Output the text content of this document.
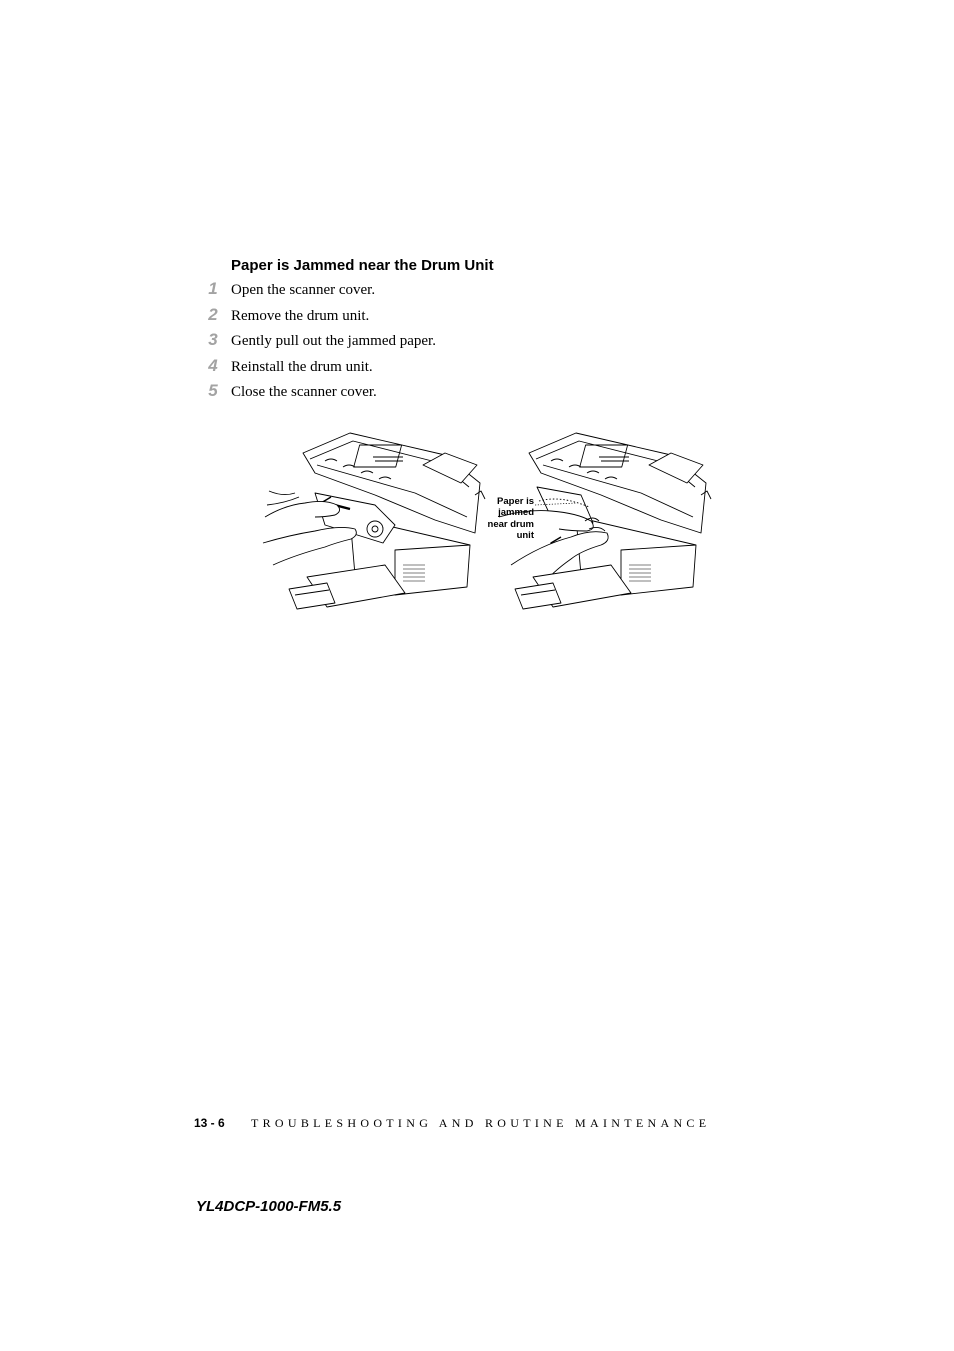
Paper is Jammed near the Drum Unit
1 Open the scanner cover.
2 Remove the drum unit.
3 Gently pull out the jammed paper.
4 Reinstall the drum unit.
5 Close the scanner cover.
Paper is
jammed
near drum
unit
13 - 6 TROUBLESHOOTING AND ROUTINE MAINTENANCE
YL4DCP-1000-FM5.5
